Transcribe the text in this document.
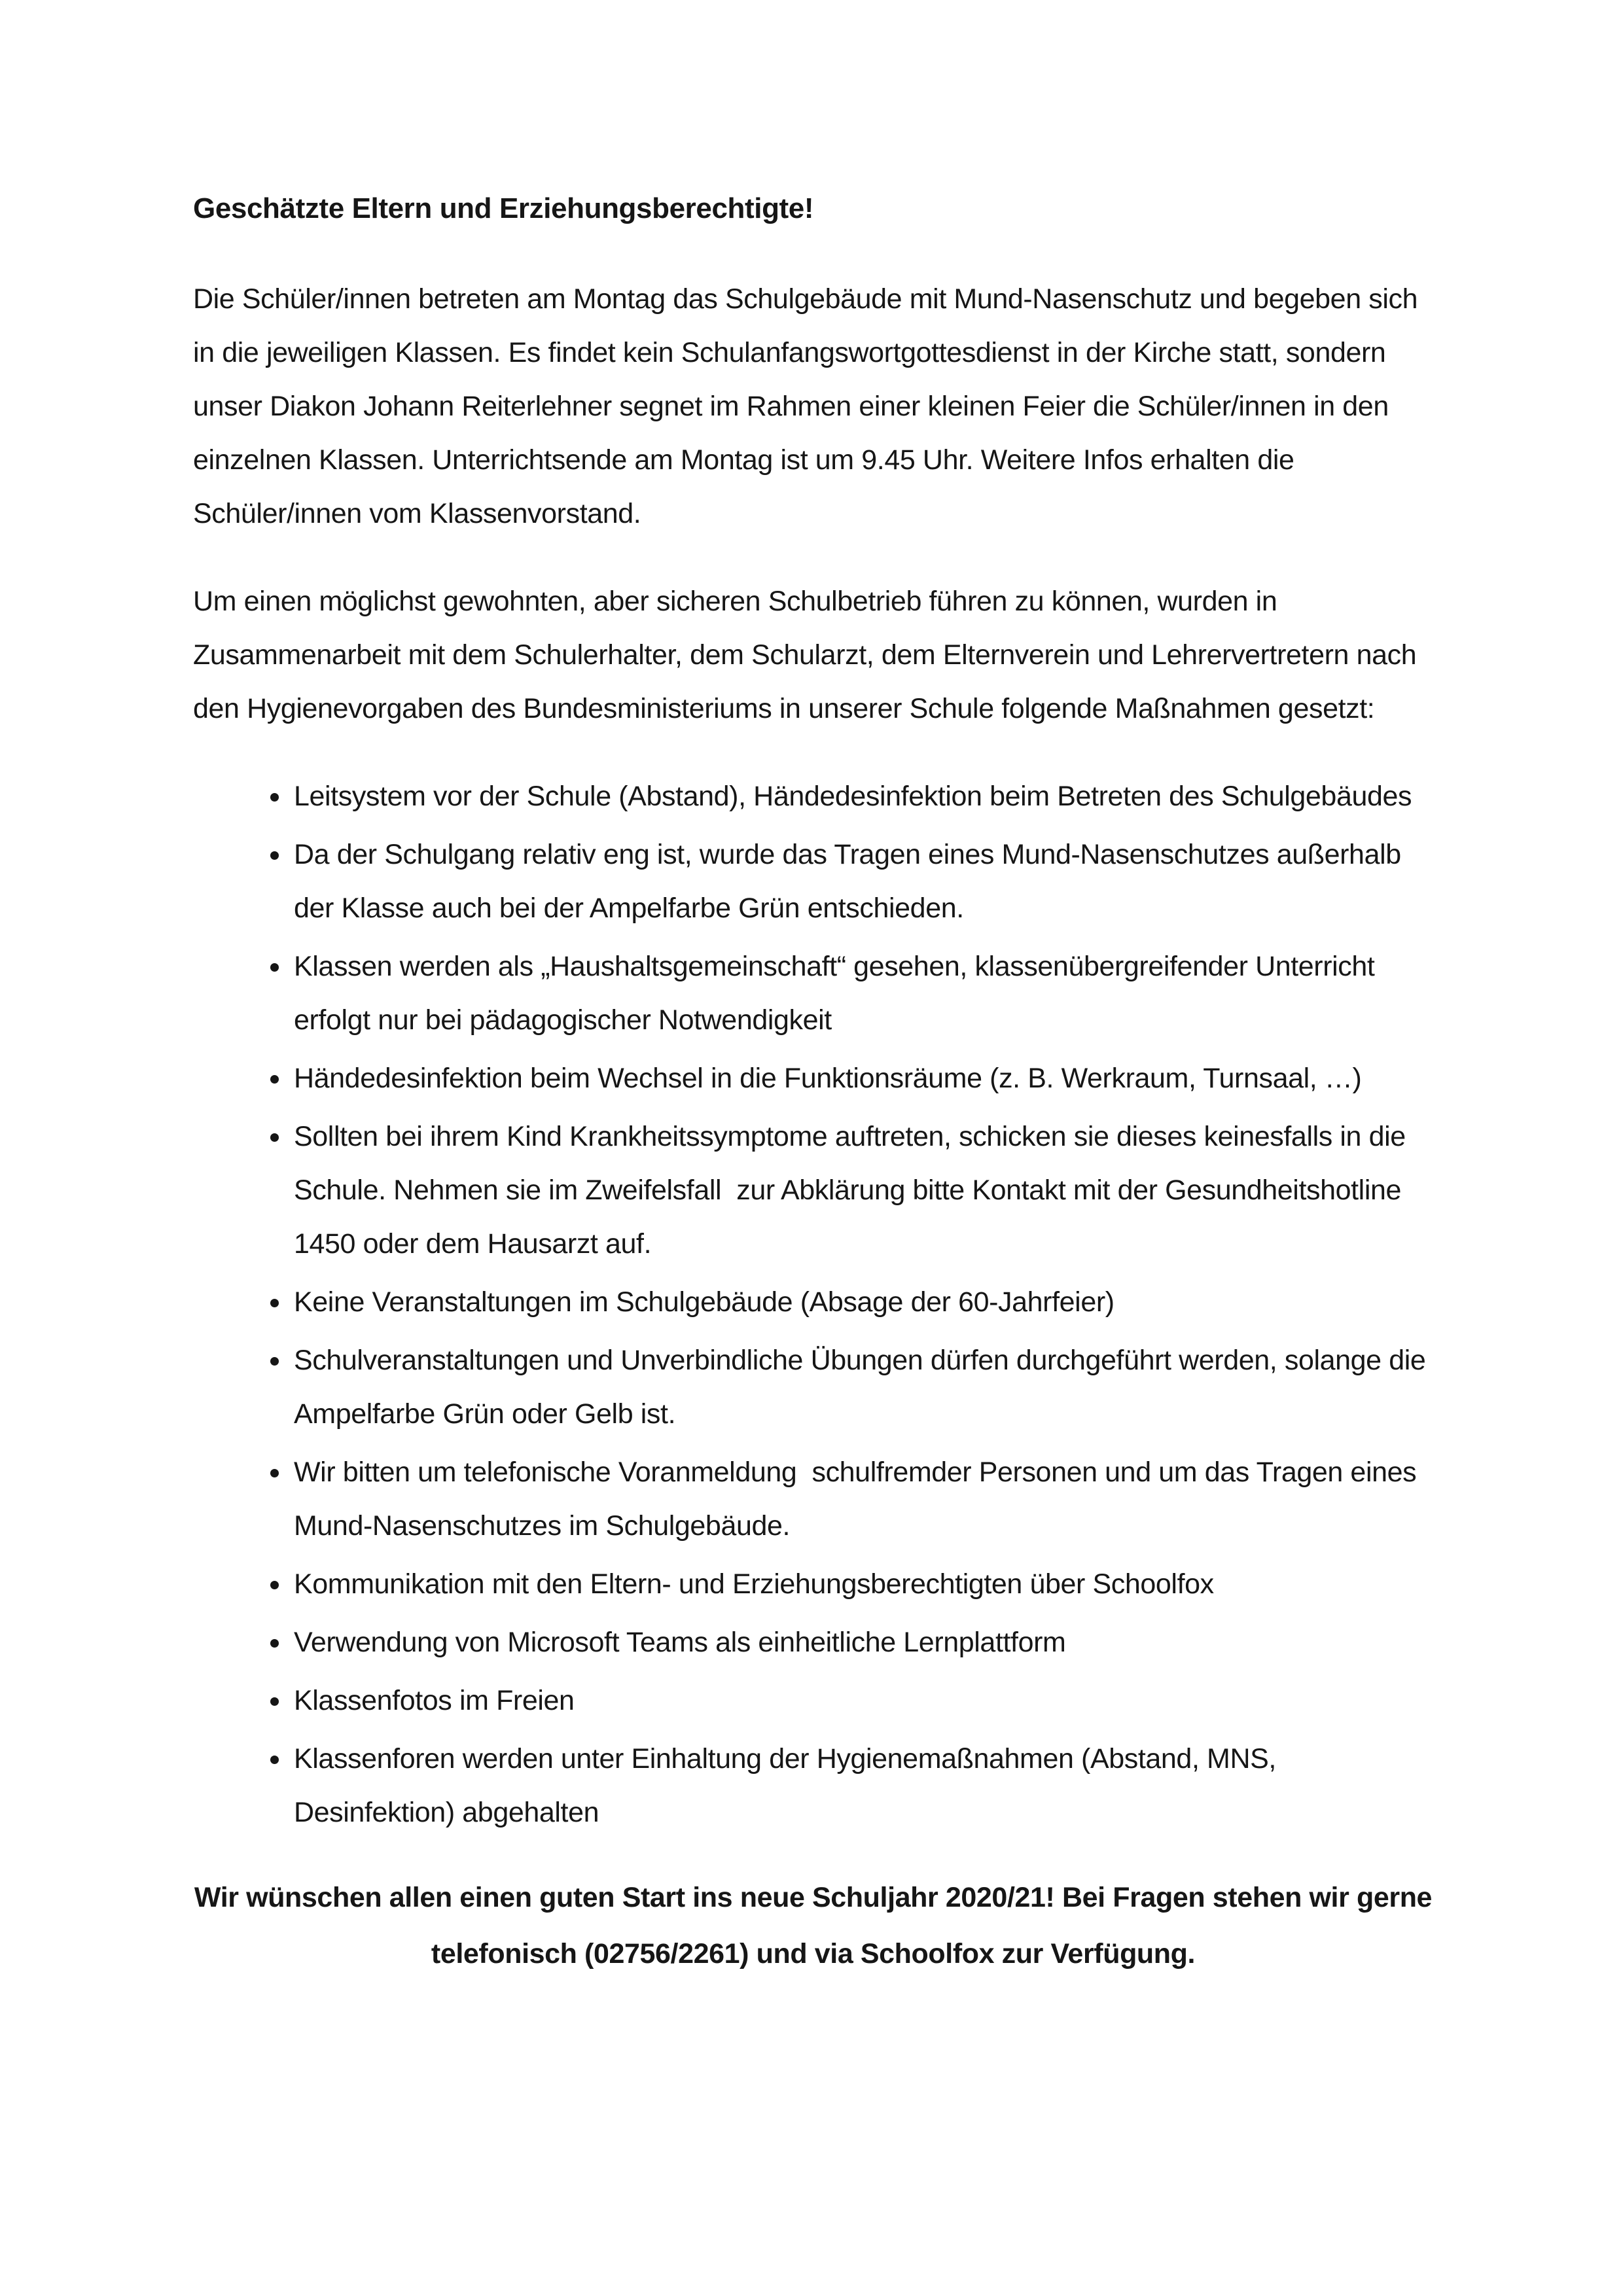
Geschätzte Eltern und Erziehungsberechtigte!

Die Schüler/innen betreten am Montag das Schulgebäude mit Mund-Nasenschutz und begeben sich in die jeweiligen Klassen. Es findet kein Schulanfangswortgottesdienst in der Kirche statt, sondern unser Diakon Johann Reiterlehner segnet im Rahmen einer kleinen Feier die Schüler/innen in den einzelnen Klassen. Unterrichtsende am Montag ist um 9.45 Uhr. Weitere Infos erhalten die Schüler/innen vom Klassenvorstand.

Um einen möglichst gewohnten, aber sicheren Schulbetrieb führen zu können, wurden in Zusammenarbeit mit dem Schulerhalter, dem Schularzt, dem Elternverein und Lehrervertretern nach den Hygienevorgaben des Bundesministeriums in unserer Schule folgende Maßnahmen gesetzt:

• Leitsystem vor der Schule (Abstand), Händedesinfektion beim Betreten des Schulgebäudes
• Da der Schulgang relativ eng ist, wurde das Tragen eines Mund-Nasenschutzes außerhalb der Klasse auch bei der Ampelfarbe Grün entschieden.
• Klassen werden als „Haushaltsgemeinschaft“ gesehen, klassenübergreifender Unterricht erfolgt nur bei pädagogischer Notwendigkeit
• Händedesinfektion beim Wechsel in die Funktionsräume (z. B. Werkraum, Turnsaal, …)
• Sollten bei ihrem Kind Krankheitssymptome auftreten, schicken sie dieses keinesfalls in die Schule. Nehmen sie im Zweifelsfall  zur Abklärung bitte Kontakt mit der Gesundheitshotline 1450 oder dem Hausarzt auf.
• Keine Veranstaltungen im Schulgebäude (Absage der 60-Jahrfeier)
• Schulveranstaltungen und Unverbindliche Übungen dürfen durchgeführt werden, solange die Ampelfarbe Grün oder Gelb ist.
• Wir bitten um telefonische Voranmeldung  schulfremder Personen und um das Tragen eines  Mund-Nasenschutzes im Schulgebäude.
• Kommunikation mit den Eltern- und Erziehungsberechtigten über Schoolfox
• Verwendung von Microsoft Teams als einheitliche Lernplattform
• Klassenfotos im Freien
• Klassenforen werden unter Einhaltung der Hygienemaßnahmen (Abstand, MNS, Desinfektion) abgehalten

Wir wünschen allen einen guten Start ins neue Schuljahr 2020/21! Bei Fragen stehen wir gerne telefonisch (02756/2261) und via Schoolfox zur Verfügung.
